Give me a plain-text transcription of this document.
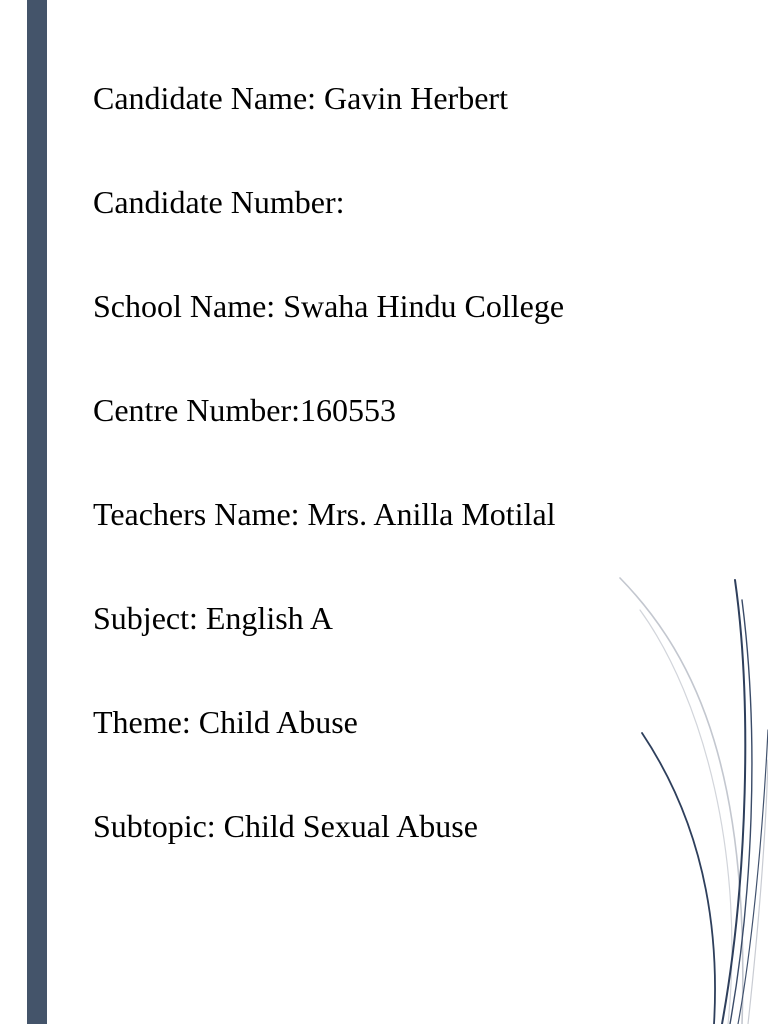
Candidate Name: Gavin Herbert
Candidate Number:
School Name: Swaha Hindu College
Centre Number:160553
Teachers Name: Mrs. Anilla Motilal
Subject: English A
Theme: Child Abuse
Subtopic: Child Sexual Abuse
